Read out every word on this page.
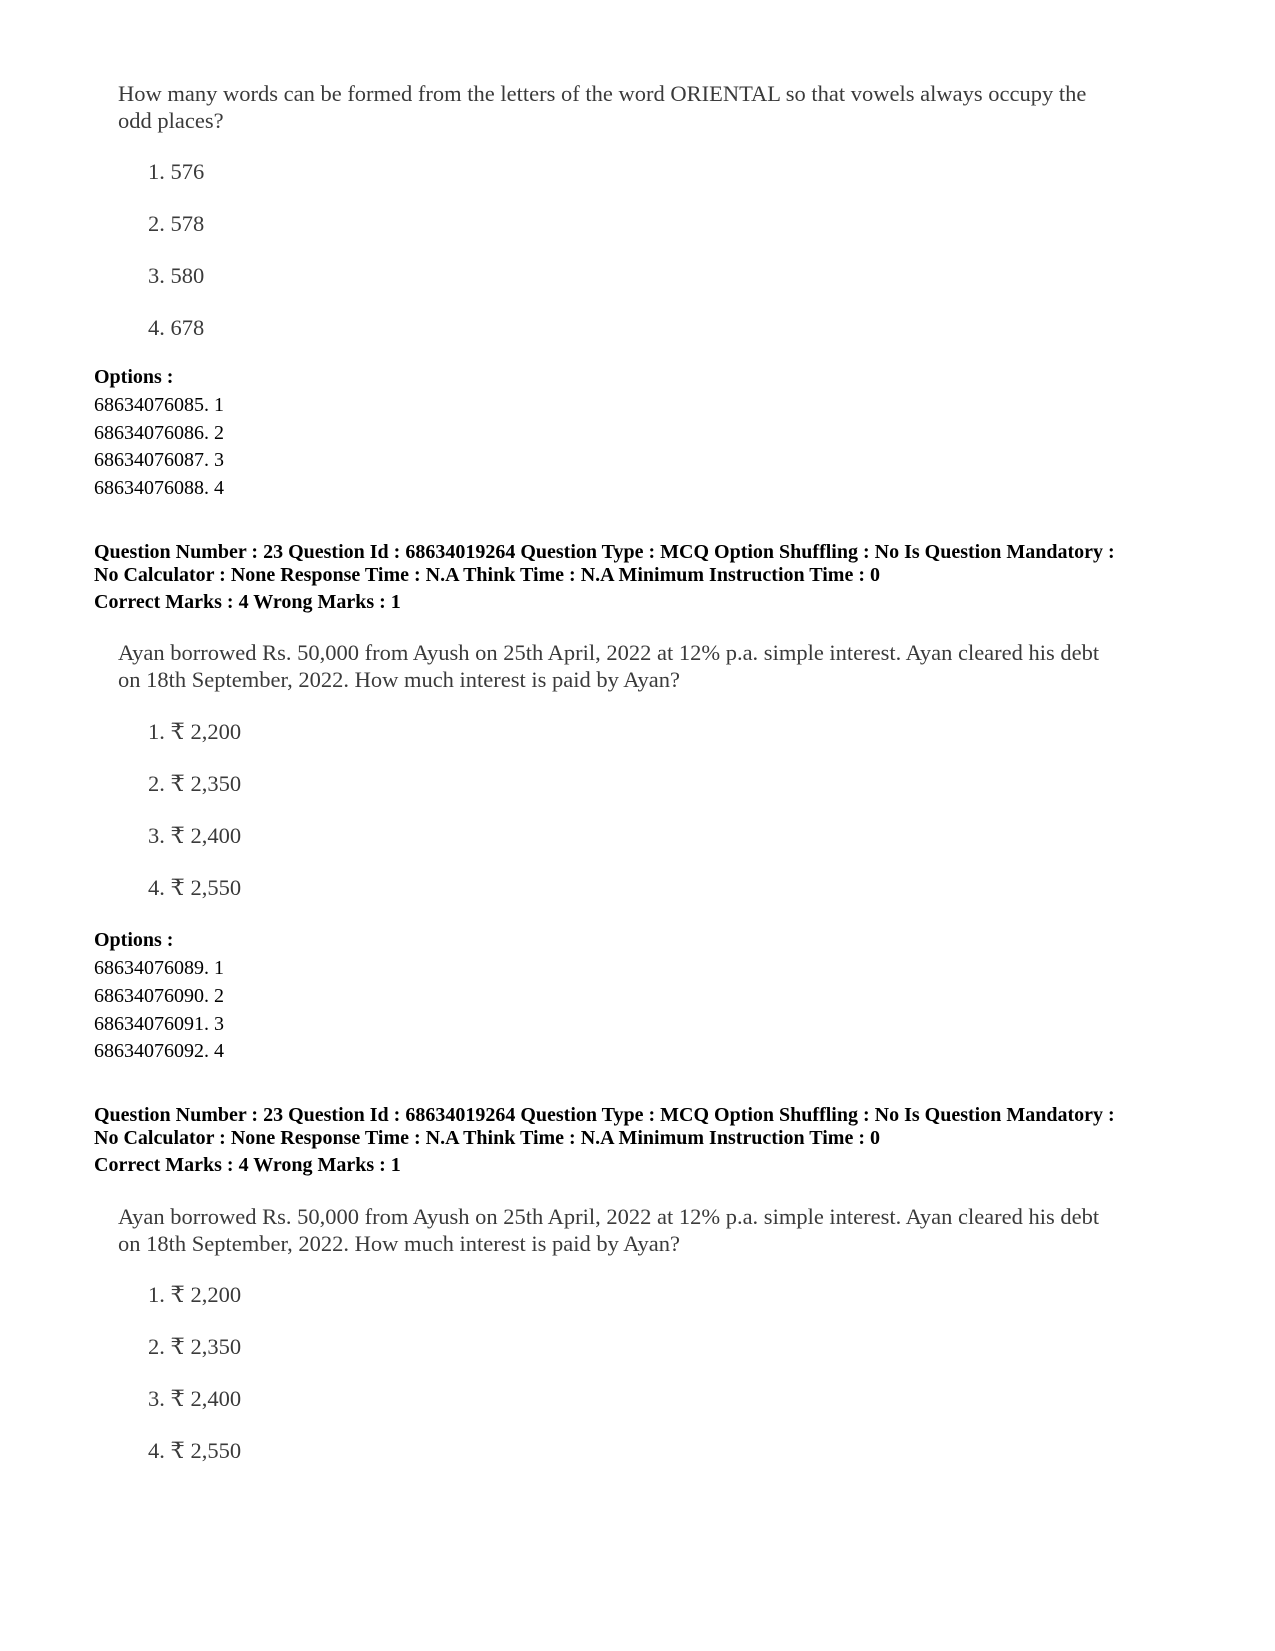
How many words can be formed from the letters of the word ORIENTAL so that vowels always occupy the
odd places?
1. 576
2. 578
3. 580
4. 678
Options :
68634076085. 1
68634076086. 2
68634076087. 3
68634076088. 4
Question Number : 23 Question Id : 68634019264 Question Type : MCQ Option Shuffling : No Is Question Mandatory :
No Calculator : None Response Time : N.A Think Time : N.A Minimum Instruction Time : 0
Correct Marks : 4 Wrong Marks : 1
Ayan borrowed Rs. 50,000 from Ayush on 25th April, 2022 at 12% p.a. simple interest. Ayan cleared his debt
on 18th September, 2022. How much interest is paid by Ayan?
1. ₹ 2,200
2. ₹ 2,350
3. ₹ 2,400
4. ₹ 2,550
Options :
68634076089. 1
68634076090. 2
68634076091. 3
68634076092. 4
Question Number : 23 Question Id : 68634019264 Question Type : MCQ Option Shuffling : No Is Question Mandatory :
No Calculator : None Response Time : N.A Think Time : N.A Minimum Instruction Time : 0
Correct Marks : 4 Wrong Marks : 1
Ayan borrowed Rs. 50,000 from Ayush on 25th April, 2022 at 12% p.a. simple interest. Ayan cleared his debt
on 18th September, 2022. How much interest is paid by Ayan?
1. ₹ 2,200
2. ₹ 2,350
3. ₹ 2,400
4. ₹ 2,550
